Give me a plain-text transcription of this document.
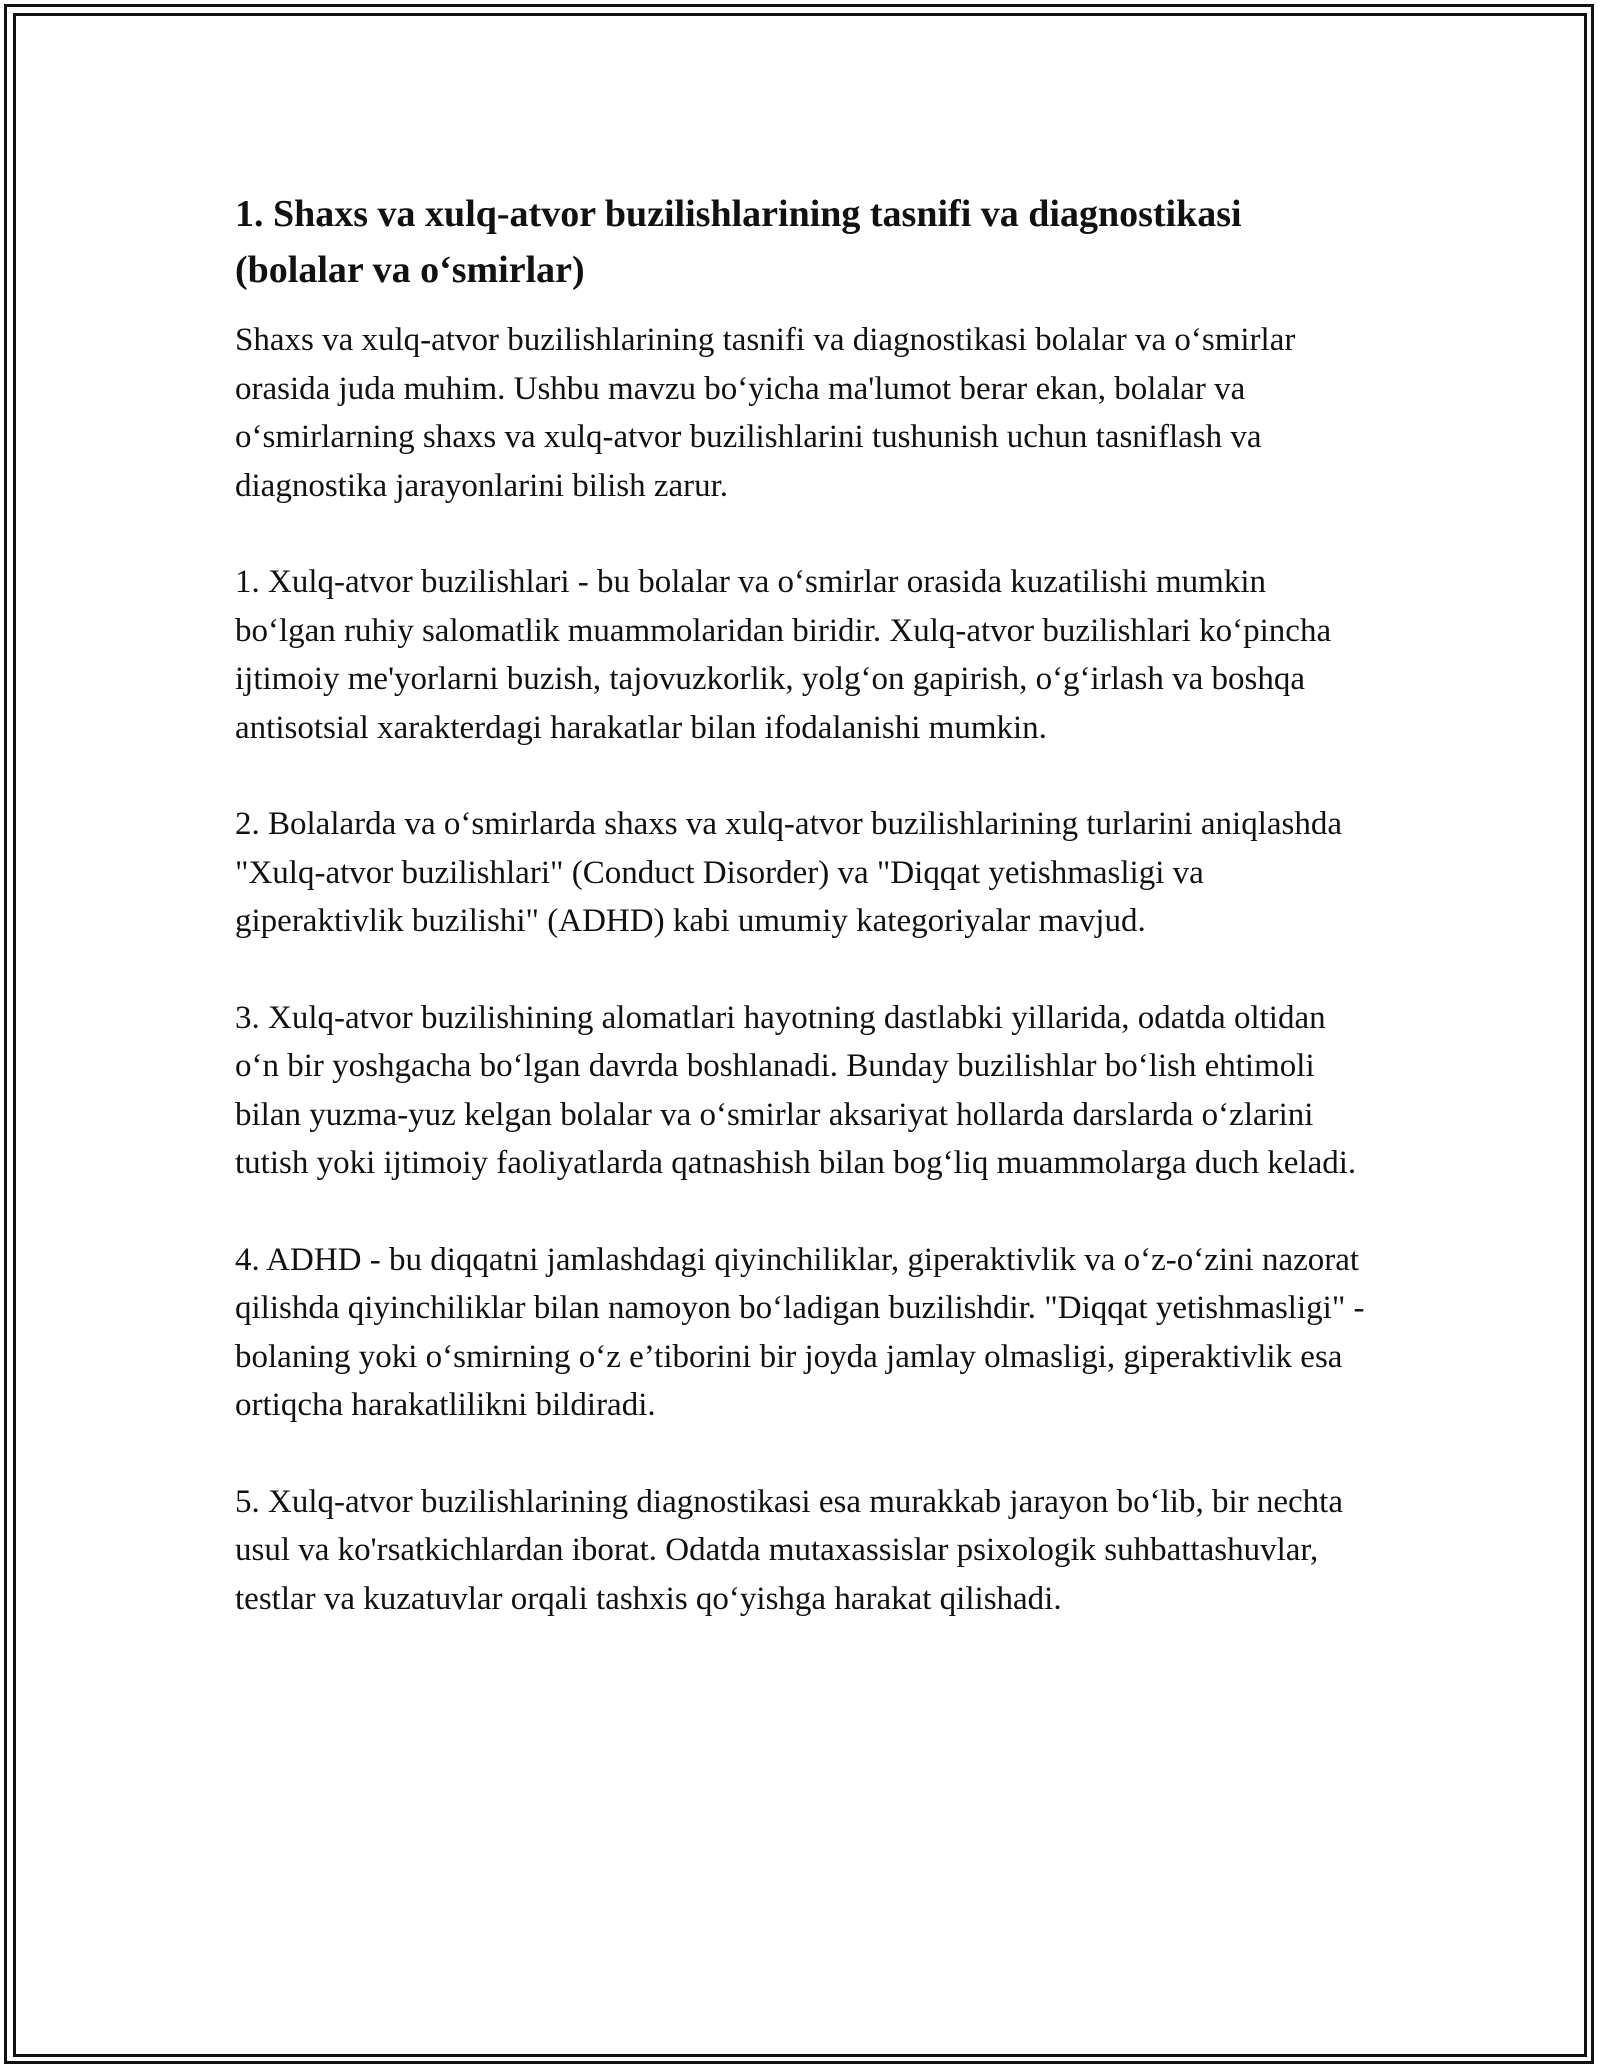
1. Shaxs va xulq-atvor buzilishlarining tasnifi va diagnostikasi (bolalar va o‘smirlar)

Shaxs va xulq-atvor buzilishlarining tasnifi va diagnostikasi bolalar va o‘smirlar orasida juda muhim. Ushbu mavzu bo‘yicha ma'lumot berar ekan, bolalar va o‘smirlarning shaxs va xulq-atvor buzilishlarini tushunish uchun tasniflash va diagnostika jarayonlarini bilish zarur.

1. Xulq-atvor buzilishlari - bu bolalar va o‘smirlar orasida kuzatilishi mumkin bo‘lgan ruhiy salomatlik muammolaridan biridir. Xulq-atvor buzilishlari ko‘pincha ijtimoiy me'yorlarni buzish, tajovuzkorlik, yolg‘on gapirish, o‘g‘irlash va boshqa antisotsial xarakterdagi harakatlar bilan ifodalanishi mumkin.

2. Bolalarda va o‘smirlarda shaxs va xulq-atvor buzilishlarining turlarini aniqlashda "Xulq-atvor buzilishlari" (Conduct Disorder) va "Diqqat yetishmasligi va giperaktivlik buzilishi" (ADHD) kabi umumiy kategoriyalar mavjud.

3. Xulq-atvor buzilishining alomatlari hayotning dastlabki yillarida, odatda oltidan o‘n bir yoshgacha bo‘lgan davrda boshlanadi. Bunday buzilishlar bo‘lish ehtimoli bilan yuzma-yuz kelgan bolalar va o‘smirlar aksariyat hollarda darslarda o‘zlarini tutish yoki ijtimoiy faoliyatlarda qatnashish bilan bog‘liq muammolarga duch keladi.

4. ADHD - bu diqqatni jamlashdagi qiyinchiliklar, giperaktivlik va o‘z-o‘zini nazorat qilishda qiyinchiliklar bilan namoyon bo‘ladigan buzilishdir. "Diqqat yetishmasligi" - bolaning yoki o‘smirning o‘z e’tiborini bir joyda jamlay olmasligi, giperaktivlik esa ortiqcha harakatlilikni bildiradi.

5. Xulq-atvor buzilishlarining diagnostikasi esa murakkab jarayon bo‘lib, bir nechta usul va ko'rsatkichlardan iborat. Odatda mutaxassislar psixologik suhbattashuvlar, testlar va kuzatuvlar orqali tashxis qo‘yishga harakat qilishadi.
